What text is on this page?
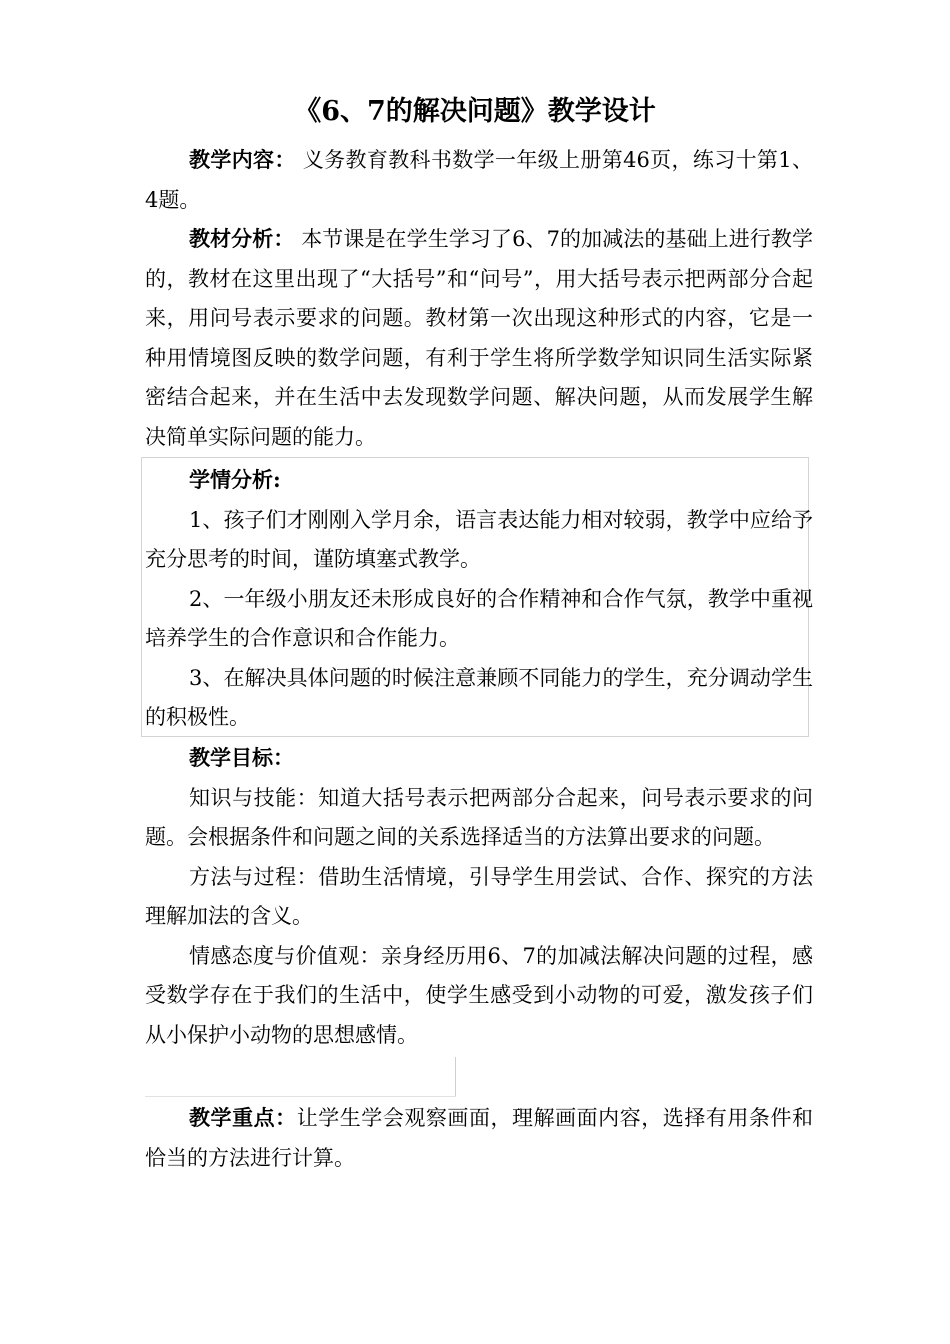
《6、7的解决问题》教学设计

教学内容： 义务教育教科书数学一年级上册第46页，练习十第1、4题。

教材分析： 本节课是在学生学习了6、7的加减法的基础上进行教学的，教材在这里出现了“大括号”和“问号”，用大括号表示把两部分合起来，用问号表示要求的问题。教材第一次出现这种形式的内容，它是一种用情境图反映的数学问题，有利于学生将所学数学知识同生活实际紧密结合起来，并在生活中去发现数学问题、解决问题，从而发展学生解决简单实际问题的能力。

学情分析:

1、孩子们才刚刚入学月余，语言表达能力相对较弱，教学中应给予充分思考的时间，谨防填塞式教学。

2、一年级小朋友还未形成良好的合作精神和合作气氛，教学中重视培养学生的合作意识和合作能力。

3、在解决具体问题的时候注意兼顾不同能力的学生，充分调动学生的积极性。

教学目标：

知识与技能：知道大括号表示把两部分合起来，问号表示要求的问题。会根据条件和问题之间的关系选择适当的方法算出要求的问题。

方法与过程：借助生活情境，引导学生用尝试、合作、探究的方法理解加法的含义。

情感态度与价值观：亲身经历用6、7的加减法解决问题的过程，感受数学存在于我们的生活中，使学生感受到小动物的可爱，激发孩子们从小保护小动物的思想感情。

教学重点：让学生学会观察画面，理解画面内容，选择有用条件和恰当的方法进行计算。
